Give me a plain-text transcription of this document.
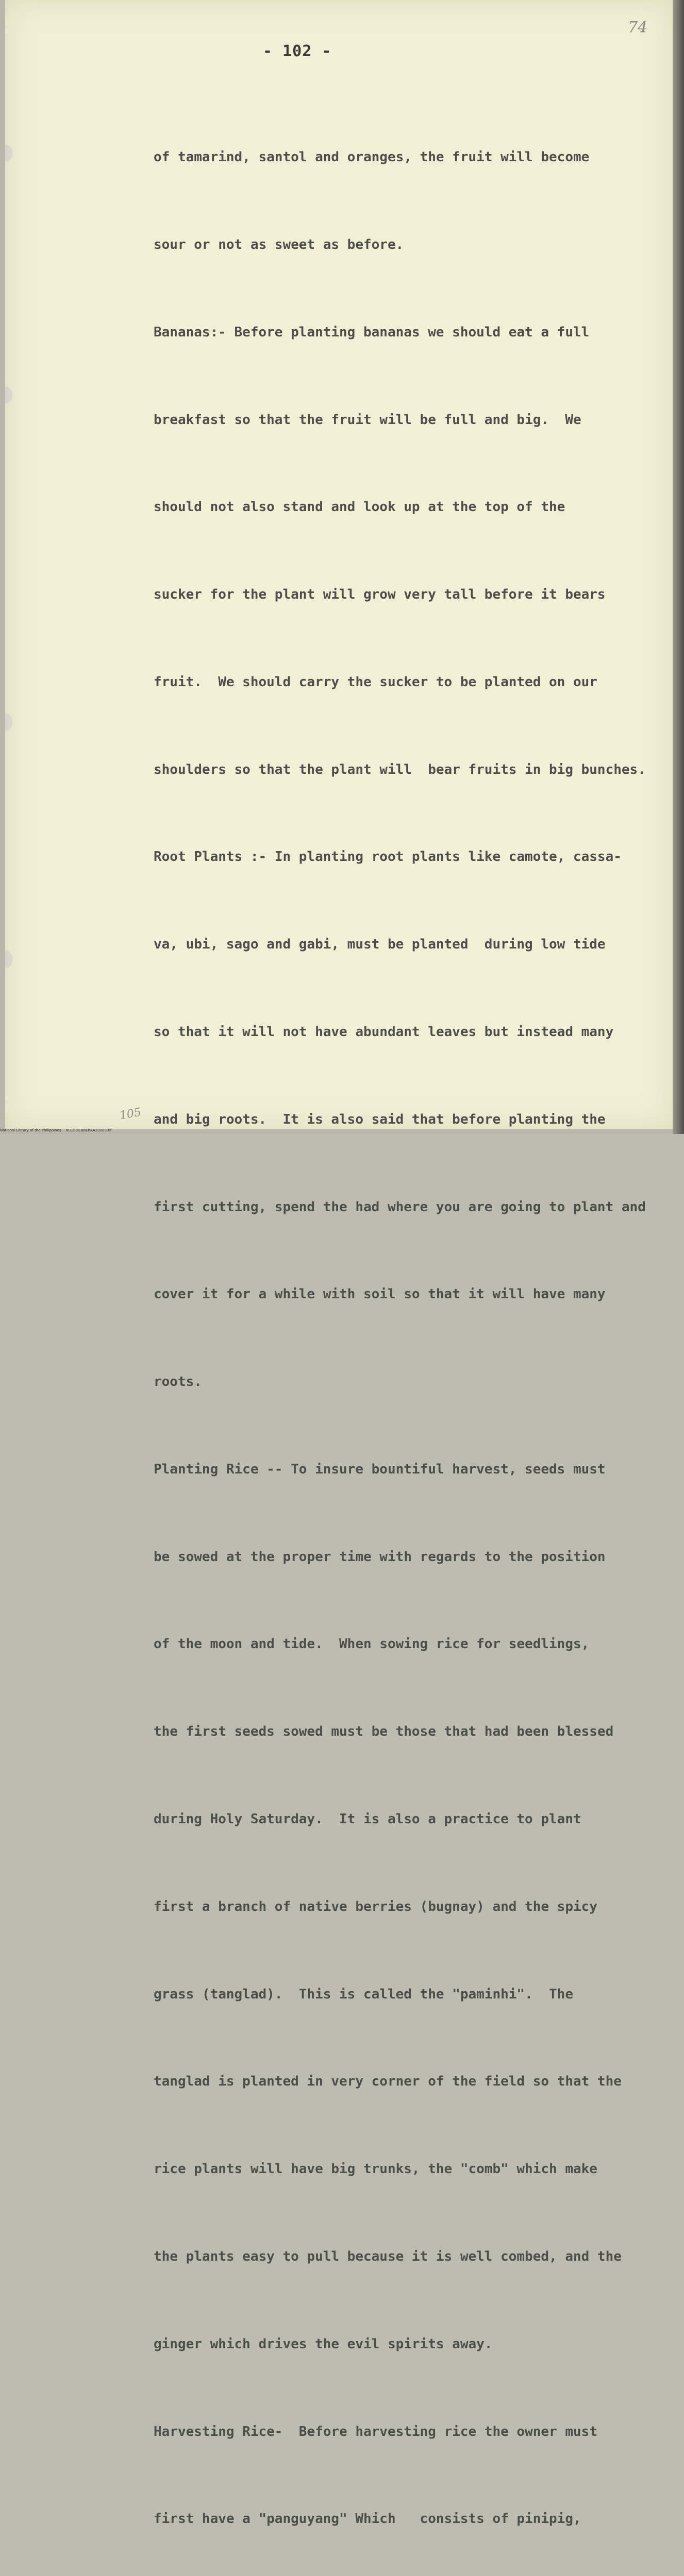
- 102 -
74

of tamarind, santol and oranges, the fruit will become

sour or not as sweet as before.

Bananas:- Before planting bananas we should eat a full

breakfast so that the fruit will be full and big.  We

should not also stand and look up at the top of the

sucker for the plant will grow very tall before it bears

fruit.  We should carry the sucker to be planted on our

shoulders so that the plant will  bear fruits in big bunches.

Root Plants :- In planting root plants like camote, cassa-

va, ubi, sago and gabi, must be planted  during low tide

so that it will not have abundant leaves but instead many

and big roots.  It is also said that before planting the

first cutting, spend the had where you are going to plant and

cover it for a while with soil so that it will have many

roots.

Planting Rice -- To insure bountiful harvest, seeds must

be sowed at the proper time with regards to the position

of the moon and tide.  When sowing rice for seedlings,

the first seeds sowed must be those that had been blessed

during Holy Saturday.  It is also a practice to plant

first a branch of native berries (bugnay) and the spicy

grass (tanglad).  This is called the "paminhi".  The

tanglad is planted in very corner of the field so that the

rice plants will have big trunks, the "comb" which make

the plants easy to pull because it is well combed, and the

ginger which drives the evil spirits away.

Harvesting Rice-  Before harvesting rice the owner must

first have a "panguyang" Which   consists of pinipig,

105
National Library of the Philippines    HLEOOEBBERAA33103.tif
